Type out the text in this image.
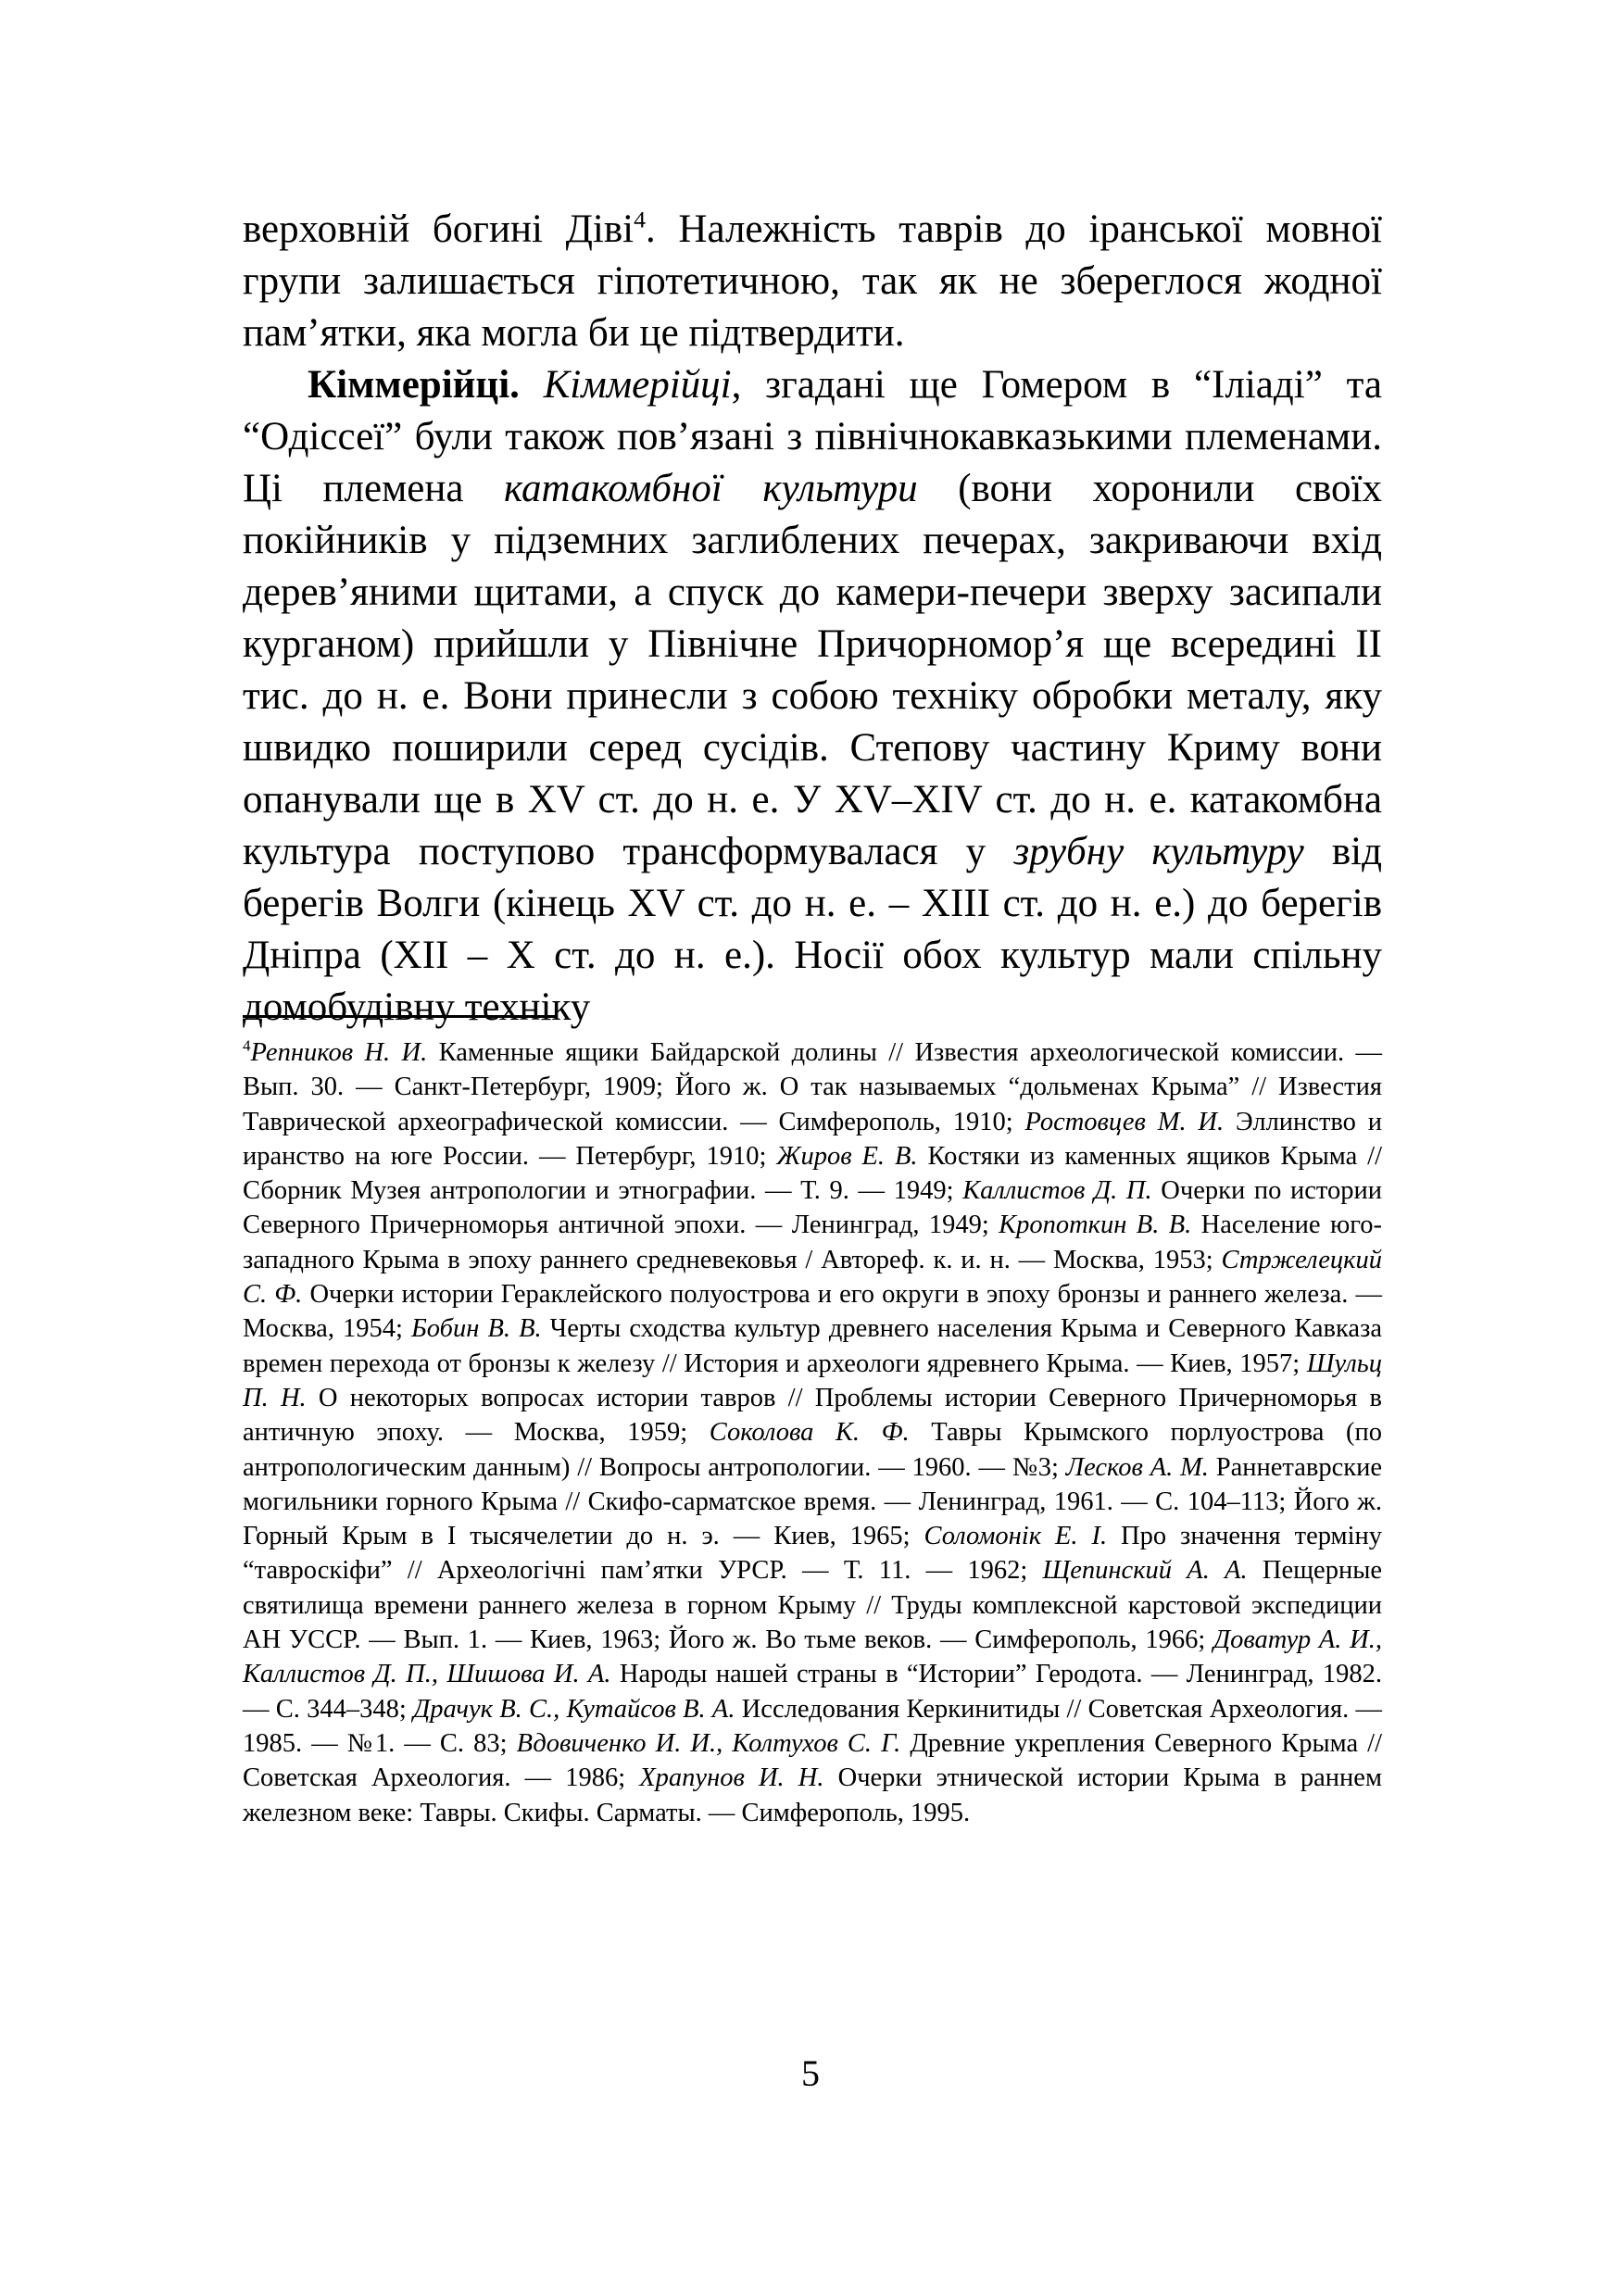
верховній богині Діві$^4$. Належність таврів до іранської мовної групи залишається гіпотетичною, так як не збереглося жодної пам’ятки, яка могла би це підтвердити.

Кіммерійці. Кіммерійці, згадані ще Гомером в “Іліаді” та “Одіссеї” були також пов’язані з північнокавказькими племенами. Ці племена катакомбної культури (вони хоронили своїх покійників у підземних заглиблених печерах, закриваючи вхід дерев’яними щитами, а спуск до камери-печери зверху засипали курганом) прийшли у Північне Причорномор’я ще всередині ІІ тис. до н. е. Вони принесли з собою техніку обробки металу, яку швидко поширили серед сусідів. Степову частину Криму вони опанували ще в XV ст. до н. е. У XV–XIV ст. до н. е. катакомбна культура поступово трансформувалася у зрубну культуру від берегів Волги (кінець XV ст. до н. е. – XIII ст. до н. е.) до берегів Дніпра (XII – X ст. до н. е.). Носії обох культур мали спільну домобудівну техніку

$^4$Репников Н. И. Каменные ящики Байдарской долины // Известия археологической комиссии. — Вып. 30. — Санкт-Петербург, 1909; Його ж. О так называемых “дольменах Крыма” // Известия Таврической археографической комиссии. — Симферополь, 1910; Ростовцев М. И. Эллинство и иранство на юге России. — Петербург, 1910; Жиров Е. В. Костяки из каменных ящиков Крыма // Сборник Музея антропологии и этнографии. — Т. 9. — 1949; Каллистов Д. П. Очерки по истории Северного Причерноморья античной эпохи. — Ленинград, 1949; Кропоткин В. В. Население юго-западного Крыма в эпоху раннего средневековья / Автореф. к. и. н. — Москва, 1953; Стржелецкий С. Ф. Очерки истории Гераклейского полуострова и его округи в эпоху бронзы и раннего железа. — Москва, 1954; Бобин В. В. Черты сходства культур древнего населения Крыма и Северного Кавказа времен перехода от бронзы к железу // История и археологи ядревнего Крыма. — Киев, 1957; Шульц П. Н. О некоторых вопросах истории тавров // Проблемы истории Северного Причерноморья в античную эпоху. — Москва, 1959; Соколова К. Ф. Тавры Крымского порлуострова (по антропологическим данным) // Вопросы антропологии. — 1960. — №3; Лесков А. М. Раннетаврские могильники горного Крыма // Скифо-сарматское время. — Ленинград, 1961. — С. 104–113; Його ж. Горный Крым в I тысячелетии до н. э. — Киев, 1965; Соломонік Е. І. Про значення терміну “тавроскіфи” // Археологічні пам’ятки УРСР. — Т. 11. — 1962; Щепинский А. А. Пещерные святилища времени раннего железа в горном Крыму // Труды комплексной карстовой экспедиции АН УССР. — Вып. 1. — Киев, 1963; Його ж. Во тьме веков. — Симферополь, 1966; Доватур А. И., Каллистов Д. П., Шишова И. А. Народы нашей страны в “Истории” Геродота. — Ленинград, 1982. — С. 344–348; Драчук В. С., Кутайсов В. А. Исследования Керкинитиды // Советская Археология. — 1985. — №1. — С. 83; Вдовиченко И. И., Колтухов С. Г. Древние укрепления Северного Крыма // Советская Археология. — 1986; Храпунов И. Н. Очерки этнической истории Крыма в раннем железном веке: Тавры. Скифы. Сарматы. — Симферополь, 1995.

5
